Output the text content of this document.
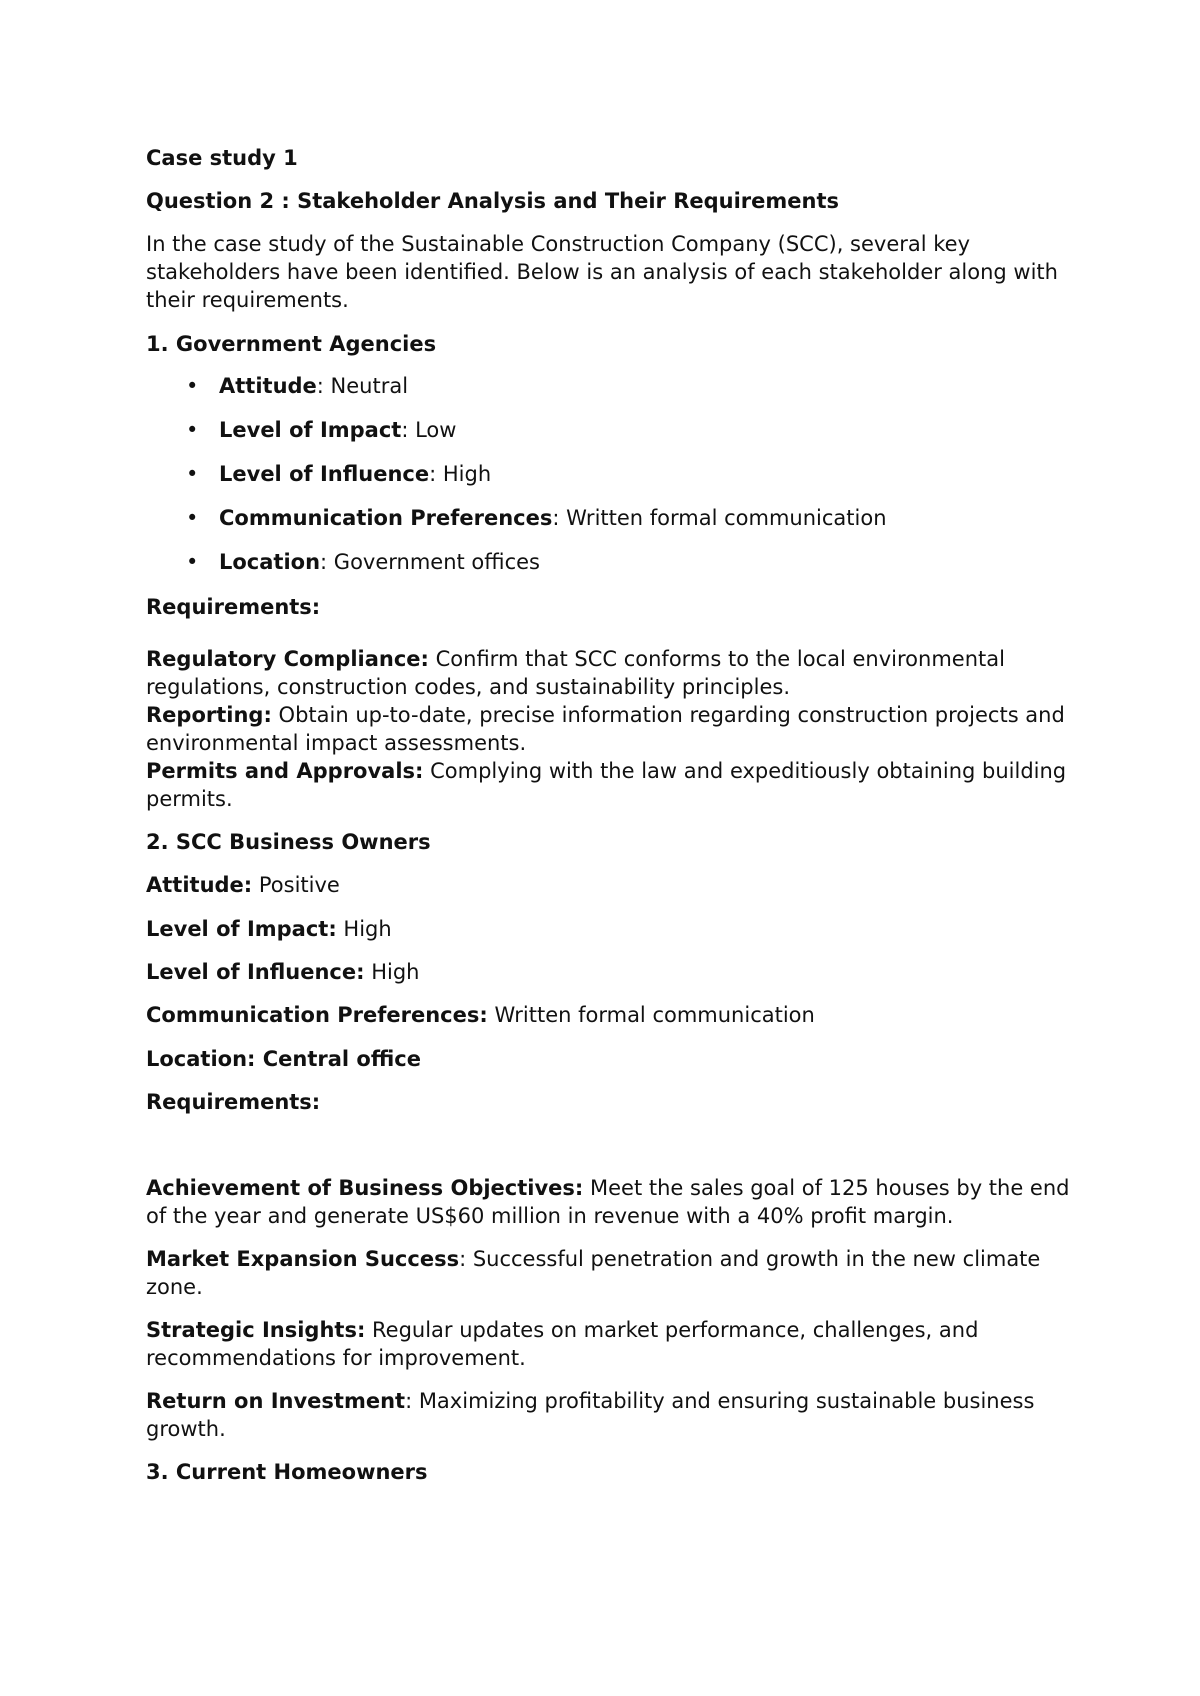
Case study 1

Question 2 : Stakeholder Analysis and Their Requirements

In the case study of the Sustainable Construction Company (SCC), several key stakeholders have been identified. Below is an analysis of each stakeholder along with their requirements.

1. Government Agencies

• Attitude: Neutral
• Level of Impact: Low
• Level of Influence: High
• Communication Preferences: Written formal communication
• Location: Government offices

Requirements:

Regulatory Compliance: Confirm that SCC conforms to the local environmental regulations, construction codes, and sustainability principles.

Reporting: Obtain up-to-date, precise information regarding construction projects and environmental impact assessments.

Permits and Approvals: Complying with the law and expeditiously obtaining building permits.

2. SCC Business Owners

Attitude: Positive

Level of Impact: High

Level of Influence: High

Communication Preferences: Written formal communication

Location: Central office

Requirements:

Achievement of Business Objectives: Meet the sales goal of 125 houses by the end of the year and generate US$60 million in revenue with a 40% profit margin.

Market Expansion Success: Successful penetration and growth in the new climate zone.

Strategic Insights: Regular updates on market performance, challenges, and recommendations for improvement.

Return on Investment: Maximizing profitability and ensuring sustainable business growth.

3. Current Homeowners
